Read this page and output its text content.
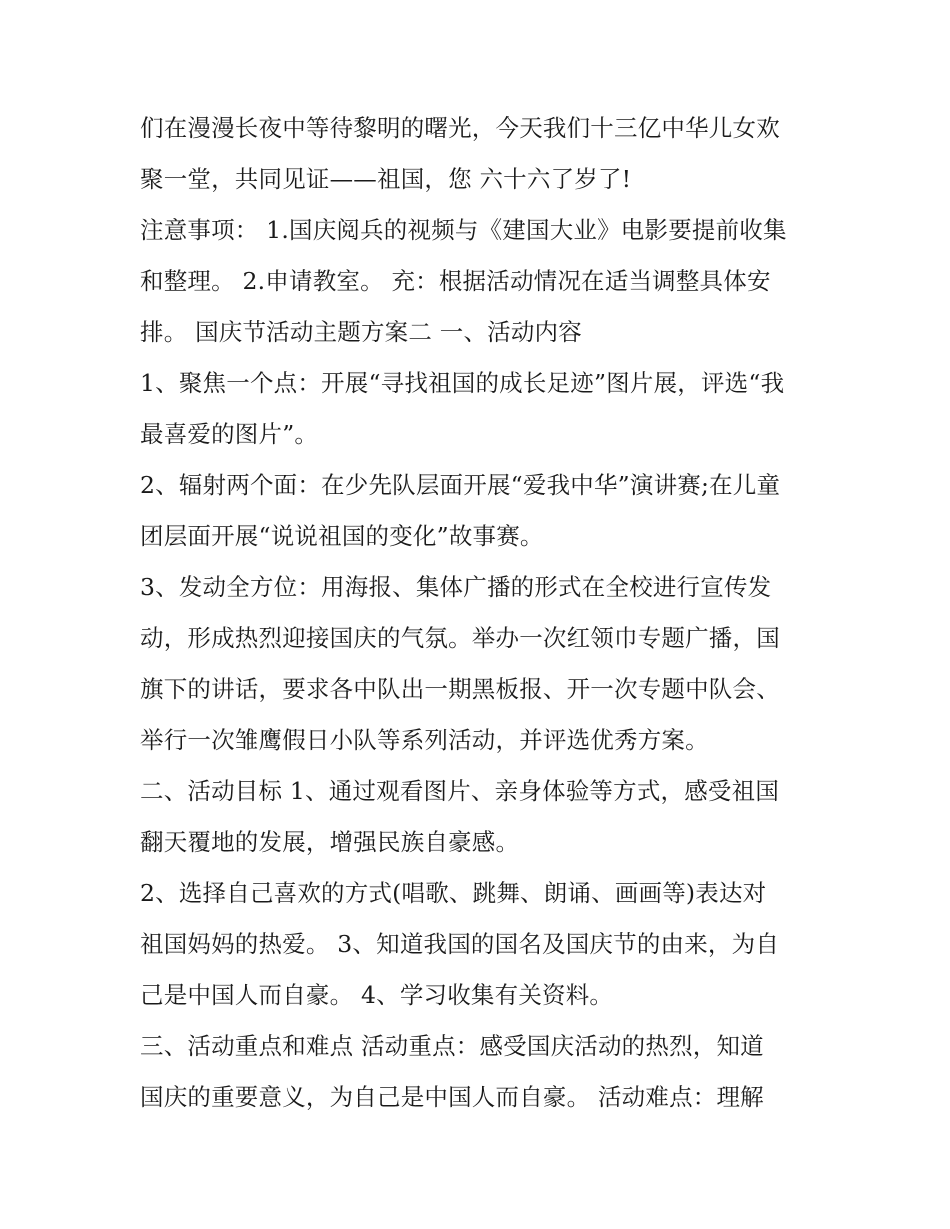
们在漫漫长夜中等待黎明的曙光，今天我们十三亿中华儿女欢
聚一堂，共同见证——祖国，您 六十六了岁了!
注意事项： 1.国庆阅兵的视频与《建国大业》电影要提前收集
和整理。 2.申请教室。 充：根据活动情况在适当调整具体安
排。 国庆节活动主题方案二 一、活动内容
1、聚焦一个点：开展“寻找祖国的成长足迹”图片展，评选“我
最喜爱的图片”。
2、辐射两个面：在少先队层面开展“爱我中华”演讲赛;在儿童
团层面开展“说说祖国的变化”故事赛。
3、发动全方位：用海报、集体广播的形式在全校进行宣传发
动，形成热烈迎接国庆的气氛。举办一次红领巾专题广播，国
旗下的讲话，要求各中队出一期黑板报、开一次专题中队会、
举行一次雏鹰假日小队等系列活动，并评选优秀方案。
二、活动目标 1、通过观看图片、亲身体验等方式，感受祖国
翻天覆地的发展，增强民族自豪感。
2、选择自己喜欢的方式(唱歌、跳舞、朗诵、画画等)表达对
祖国妈妈的热爱。 3、知道我国的国名及国庆节的由来，为自
己是中国人而自豪。 4、学习收集有关资料。
三、活动重点和难点 活动重点：感受国庆活动的热烈，知道
国庆的重要意义，为自己是中国人而自豪。 活动难点：理解
